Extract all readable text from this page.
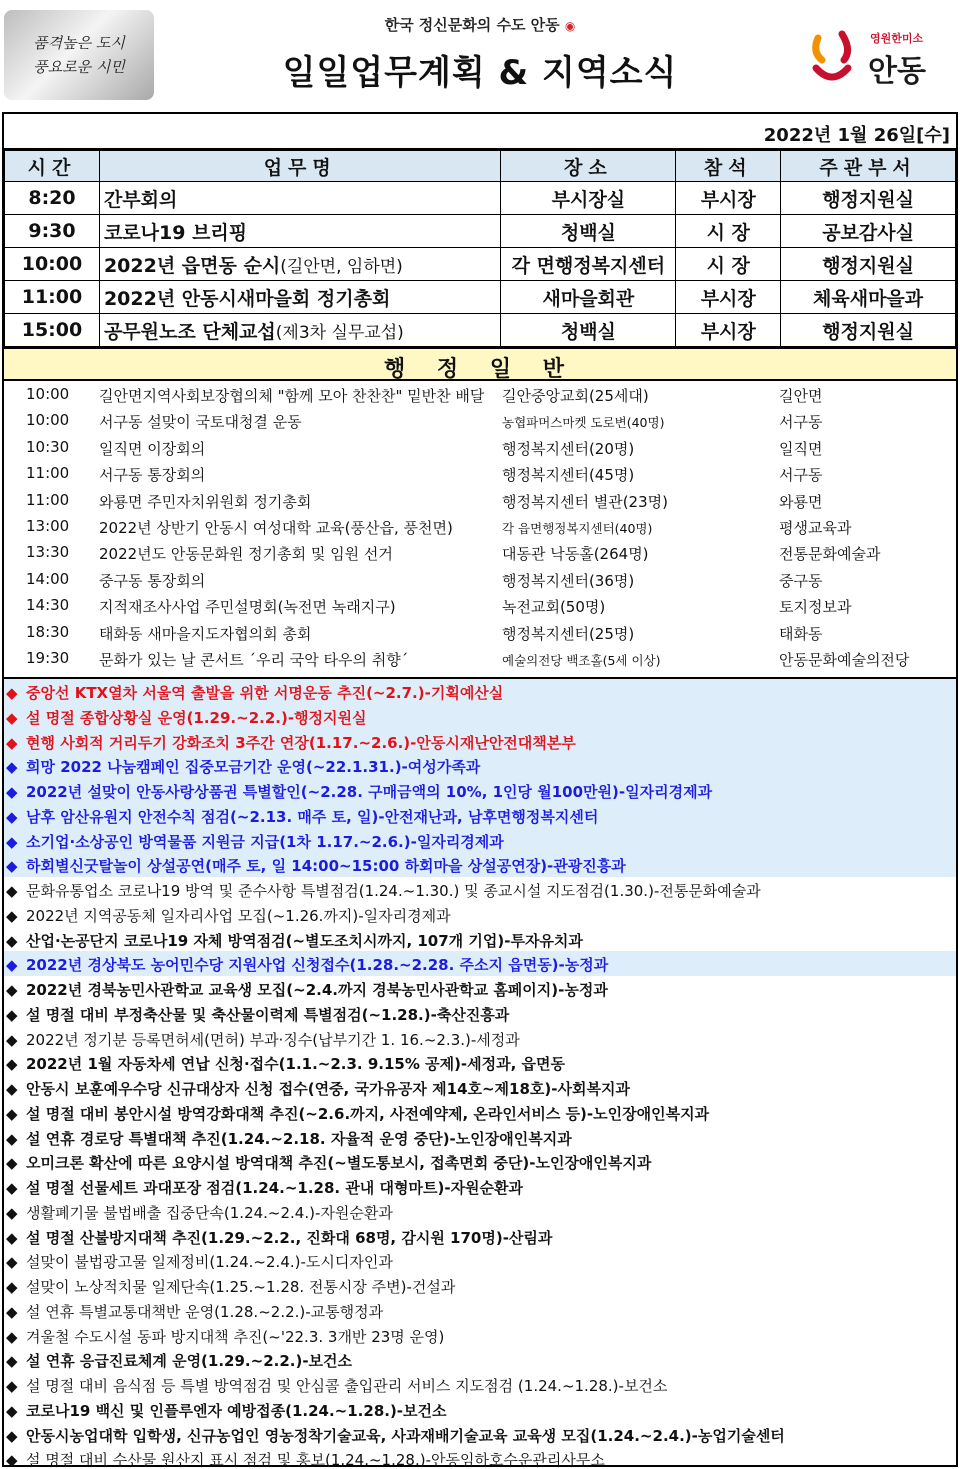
품격높은 도시
풍요로운 시민
한국 정신문화의 수도 안동 ◉
일일업무계획 & 지역소식
영원한미소
안동
2022년 1월 26일[수]
시간	업무명	장소	참석	주관부서
8:20	간부회의	부시장실	부시장	행정지원실
9:30	코로나19 브리핑	청백실	시 장	공보감사실
10:00	2022년 읍면동 순시(길안면, 임하면)	각 면행정복지센터	시 장	행정지원실
11:00	2022년 안동시새마을회 정기총회	새마을회관	부시장	체육새마을과
15:00	공무원노조 단체교섭(제3차 실무교섭)	청백실	부시장	행정지원실
행 정 일 반
10:00	길안면지역사회보장협의체 "함께 모아 찬찬찬" 밑반찬 배달	길안중앙교회(25세대)	길안면
10:00	서구동 설맞이 국토대청결 운동	농협파머스마켓 도로변(40명)	서구동
10:30	일직면 이장회의	행정복지센터(20명)	일직면
11:00	서구동 통장회의	행정복지센터(45명)	서구동
11:00	와룡면 주민자치위원회 정기총회	행정복지센터 별관(23명)	와룡면
13:00	2022년 상반기 안동시 여성대학 교육(풍산읍, 풍천면)	각 읍면행정복지센터(40명)	평생교육과
13:30	2022년도 안동문화원 정기총회 및 임원 선거	대동관 낙동홀(264명)	전통문화예술과
14:00	중구동 통장회의	행정복지센터(36명)	중구동
14:30	지적재조사사업 주민설명회(녹전면 녹래지구)	녹전교회(50명)	토지정보과
18:30	태화동 새마을지도자협의회 총회	행정복지센터(25명)	태화동
19:30	문화가 있는 날 콘서트 ´우리 국악 타우의 취향´	예술의전당 백조홀(5세 이상)	안동문화예술의전당
◆ 중앙선 KTX열차 서울역 출발을 위한 서명운동 추진(~2.7.)-기획예산실
◆ 설 명절 종합상황실 운영(1.29.~2.2.)-행정지원실
◆ 현행 사회적 거리두기 강화조치 3주간 연장(1.17.~2.6.)-안동시재난안전대책본부
◆ 희망 2022 나눔캠페인 집중모금기간 운영(~22.1.31.)-여성가족과
◆ 2022년 설맞이 안동사랑상품권 특별할인(~2.28. 구매금액의 10%, 1인당 월100만원)-일자리경제과
◆ 남후 암산유원지 안전수칙 점검(~2.13. 매주 토, 일)-안전재난과, 남후면행정복지센터
◆ 소기업·소상공인 방역물품 지원금 지급(1차 1.17.~2.6.)-일자리경제과
◆ 하회별신굿탈놀이 상설공연(매주 토, 일 14:00~15:00 하회마을 상설공연장)-관광진흥과
◆ 문화유통업소 코로나19 방역 및 준수사항 특별점검(1.24.~1.30.) 및 종교시설 지도점검(1.30.)-전통문화예술과
◆ 2022년 지역공동체 일자리사업 모집(~1.26.까지)-일자리경제과
◆ 산업·논공단지 코로나19 자체 방역점검(~별도조치시까지, 107개 기업)-투자유치과
◆ 2022년 경상북도 농어민수당 지원사업 신청접수(1.28.~2.28. 주소지 읍면동)-농정과
◆ 2022년 경북농민사관학교 교육생 모집(~2.4.까지 경북농민사관학교 홈페이지)-농정과
◆ 설 명절 대비 부정축산물 및 축산물이력제 특별점검(~1.28.)-축산진흥과
◆ 2022년 정기분 등록면허세(면허) 부과·징수(납부기간 1. 16.~2.3.)-세정과
◆ 2022년 1월 자동차세 연납 신청·접수(1.1.~2.3. 9.15% 공제)-세정과, 읍면동
◆ 안동시 보훈예우수당 신규대상자 신청 접수(연중, 국가유공자 제14호~제18호)-사회복지과
◆ 설 명절 대비 봉안시설 방역강화대책 추진(~2.6.까지, 사전예약제, 온라인서비스 등)-노인장애인복지과
◆ 설 연휴 경로당 특별대책 추진(1.24.~2.18. 자율적 운영 중단)-노인장애인복지과
◆ 오미크론 확산에 따른 요양시설 방역대책 추진(~별도통보시, 접촉면회 중단)-노인장애인복지과
◆ 설 명절 선물세트 과대포장 점검(1.24.~1.28. 관내 대형마트)-자원순환과
◆ 생활폐기물 불법배출 집중단속(1.24.~2.4.)-자원순환과
◆ 설 명절 산불방지대책 추진(1.29.~2.2., 진화대 68명, 감시원 170명)-산림과
◆ 설맞이 불법광고물 일제정비(1.24.~2.4.)-도시디자인과
◆ 설맞이 노상적치물 일제단속(1.25.~1.28. 전통시장 주변)-건설과
◆ 설 연휴 특별교통대책반 운영(1.28.~2.2.)-교통행정과
◆ 겨울철 수도시설 동파 방지대책 추진(~'22.3. 3개반 23명 운영)
◆ 설 연휴 응급진료체계 운영(1.29.~2.2.)-보건소
◆ 설 명절 대비 음식점 등 특별 방역점검 및 안심콜 출입관리 서비스 지도점검 (1.24.~1.28.)-보건소
◆ 코로나19 백신 및 인플루엔자 예방접종(1.24.~1.28.)-보건소
◆ 안동시농업대학 입학생, 신규농업인 영농정착기술교육, 사과재배기술교육 교육생 모집(1.24.~2.4.)-농업기술센터
◆ 설 명절 대비 수산물 원산지 표시 점검 및 홍보(1.24.~1.28.)-안동임하호수운관리사무소
